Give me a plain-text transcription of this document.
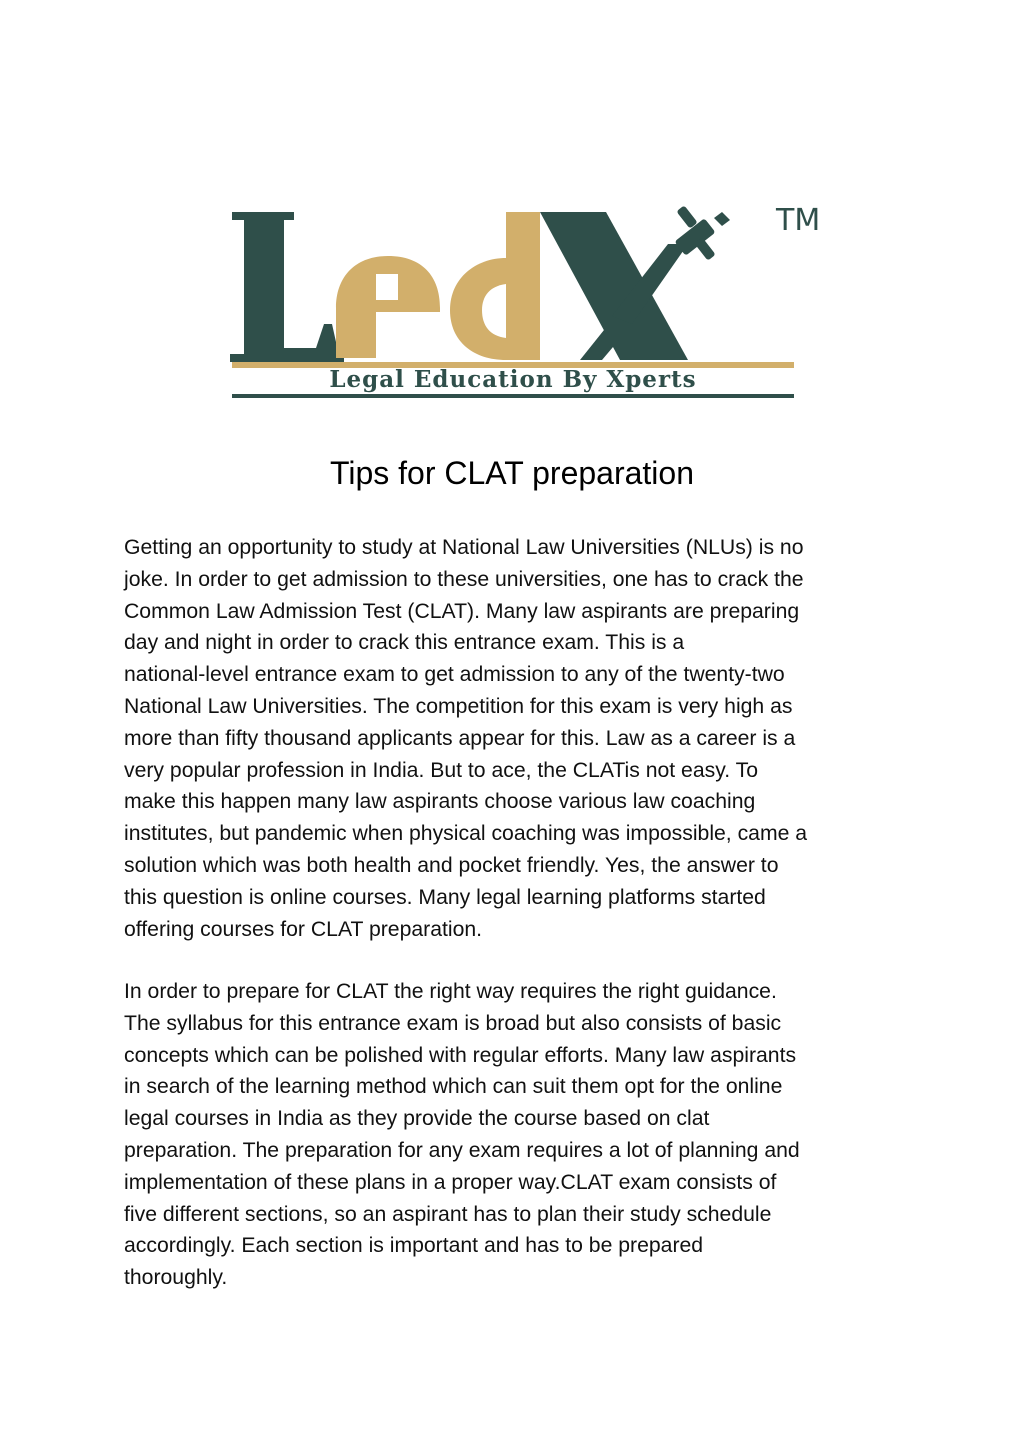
Legal Education By Xperts
TM
Tips for CLAT preparation

Getting an opportunity to study at National Law Universities (NLUs) is no
joke. In order to get admission to these universities, one has to crack the
Common Law Admission Test (CLAT). Many law aspirants are preparing
day and night in order to crack this entrance exam. This is a
national-level entrance exam to get admission to any of the twenty-two
National Law Universities. The competition for this exam is very high as
more than fifty thousand applicants appear for this. Law as a career is a
very popular profession in India. But to ace, the CLATis not easy. To
make this happen many law aspirants choose various law coaching
institutes, but pandemic when physical coaching was impossible, came a
solution which was both health and pocket friendly. Yes, the answer to
this question is online courses. Many legal learning platforms started
offering courses for CLAT preparation.

In order to prepare for CLAT the right way requires the right guidance.
The syllabus for this entrance exam is broad but also consists of basic
concepts which can be polished with regular efforts. Many law aspirants
in search of the learning method which can suit them opt for the online
legal courses in India as they provide the course based on clat
preparation. The preparation for any exam requires a lot of planning and
implementation of these plans in a proper way.CLAT exam consists of
five different sections, so an aspirant has to plan their study schedule
accordingly. Each section is important and has to be prepared
thoroughly.
